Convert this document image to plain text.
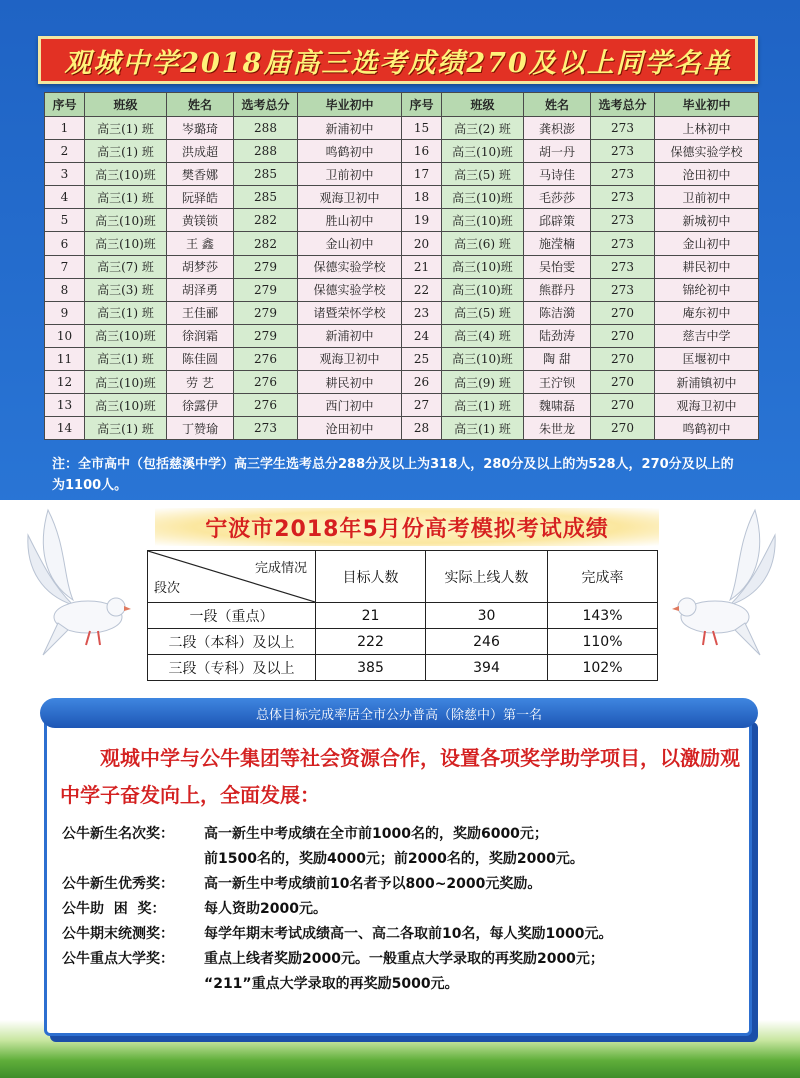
观城中学2018届高三选考成绩270及以上同学名单
序号	班级	姓名	选考总分	毕业初中	序号	班级	姓名	选考总分	毕业初中
1	高三(1) 班	岑璐琦	288	新浦初中	15	高三(2) 班	龚枳澎	273	上林初中
2	高三(1) 班	洪成超	288	鸣鹤初中	16	高三(10)班	胡一丹	273	保德实验学校
3	高三(10)班	樊香娜	285	卫前初中	17	高三(5) 班	马诗佳	273	沧田初中
4	高三(1) 班	阮驿皓	285	观海卫初中	18	高三(10)班	毛莎莎	273	卫前初中
5	高三(10)班	黄镁锁	282	胜山初中	19	高三(10)班	邱辟策	273	新城初中
6	高三(10)班	王 鑫	282	金山初中	20	高三(6) 班	施滢楠	273	金山初中
7	高三(7) 班	胡梦莎	279	保德实验学校	21	高三(10)班	吴怡雯	273	耕民初中
8	高三(3) 班	胡泽勇	279	保德实验学校	22	高三(10)班	熊群丹	273	锦纶初中
9	高三(1) 班	王佳郦	279	诸暨荣怀学校	23	高三(5) 班	陈洁漪	270	庵东初中
10	高三(10)班	徐润霜	279	新浦初中	24	高三(4) 班	陆劲涛	270	慈吉中学
11	高三(1) 班	陈佳圆	276	观海卫初中	25	高三(10)班	陶 甜	270	匡堰初中
12	高三(10)班	劳 艺	276	耕民初中	26	高三(9) 班	王泞钡	270	新浦镇初中
13	高三(10)班	徐露伊	276	西门初中	27	高三(1) 班	魏啸磊	270	观海卫初中
14	高三(1) 班	丁赞瑜	273	沧田初中	28	高三(1) 班	朱世龙	270	鸣鹤初中
注：全市高中（包括慈溪中学）高三学生选考总分288分及以上为318人，280分及以上的为528人，270分及以上的为1100人。
宁波市2018年5月份高考模拟考试成绩
完成情况
段次	目标人数	实际上线人数	完成率
一段（重点）	21	30	143%
二段（本科）及以上	222	246	110%
三段（专科）及以上	385	394	102%
总体目标完成率居全市公办普高（除慈中）第一名
观城中学与公牛集团等社会资源合作，设置各项奖学助学项目，以激励观中学子奋发向上，全面发展：
公牛新生名次奖：	高一新生中考成绩在全市前1000名的，奖励6000元；
前1500名的，奖励4000元；前2000名的，奖励2000元。
公牛新生优秀奖：	高一新生中考成绩前10名者予以800~2000元奖励。
公牛助  困  奖：	每人资助2000元。
公牛期末统测奖：	每学年期末考试成绩高一、高二各取前10名，每人奖励1000元。
公牛重点大学奖：	重点上线者奖励2000元。一般重点大学录取的再奖励2000元；
“211”重点大学录取的再奖励5000元。
